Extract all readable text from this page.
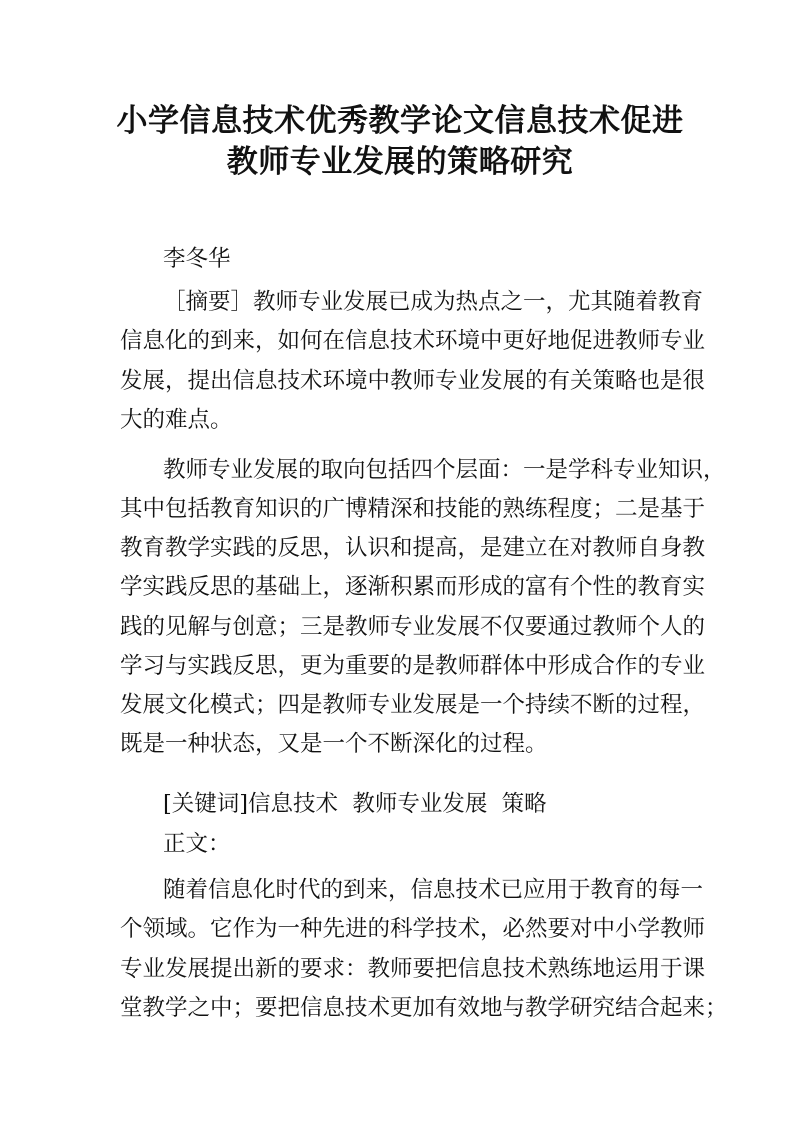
小学信息技术优秀教学论文信息技术促进
教师专业发展的策略研究
李冬华
［摘要］教师专业发展已成为热点之一，尤其随着教育
信息化的到来，如何在信息技术环境中更好地促进教师专业
发展，提出信息技术环境中教师专业发展的有关策略也是很
大的难点。
教师专业发展的取向包括四个层面：一是学科专业知识，
其中包括教育知识的广博精深和技能的熟练程度；二是基于
教育教学实践的反思，认识和提高，是建立在对教师自身教
学实践反思的基础上，逐渐积累而形成的富有个性的教育实
践的见解与创意；三是教师专业发展不仅要通过教师个人的
学习与实践反思，更为重要的是教师群体中形成合作的专业
发展文化模式；四是教师专业发展是一个持续不断的过程，
既是一种状态，又是一个不断深化的过程。
[关键词]信息技术  教师专业发展  策略
正文：
随着信息化时代的到来，信息技术已应用于教育的每一
个领域。它作为一种先进的科学技术，必然要对中小学教师
专业发展提出新的要求：教师要把信息技术熟练地运用于课
堂教学之中；要把信息技术更加有效地与教学研究结合起来；
